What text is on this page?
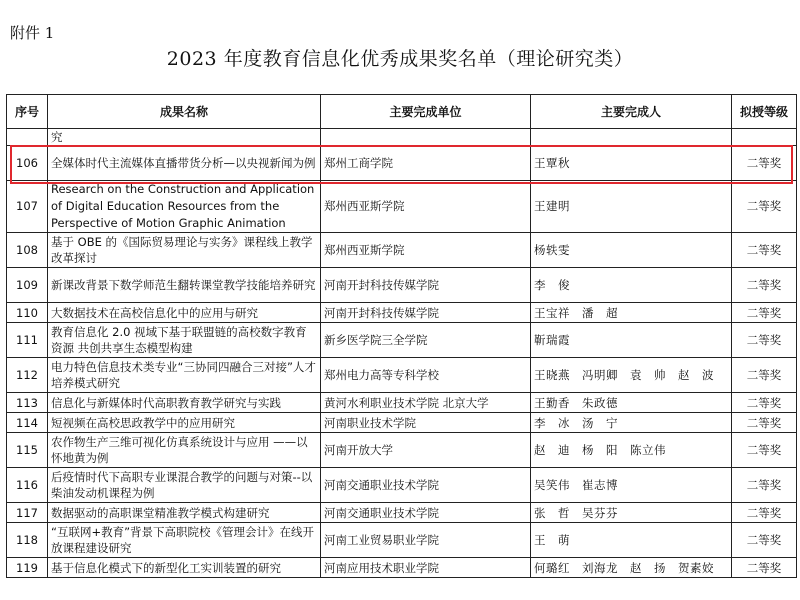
附件 1
2023 年度教育信息化优秀成果奖名单（理论研究类）
序号	成果名称	主要完成单位	主要完成人	拟授等级
	究			
106	全媒体时代主流媒体直播带货分析—以央视新闻为例	郑州工商学院	王覃秋	二等奖
107	Research on the Construction and Application of Digital Education Resources from the Perspective of Motion Graphic Animation	郑州西亚斯学院	王建明	二等奖
108	基于 OBE 的《国际贸易理论与实务》课程线上教学改革探讨	郑州西亚斯学院	杨轶雯	二等奖
109	新课改背景下数学师范生翻转课堂教学技能培养研究	河南开封科技传媒学院	李　俊	二等奖
110	大数据技术在高校信息化中的应用与研究	河南开封科技传媒学院	王宝祥　潘　超	二等奖
111	教育信息化 2.0 视域下基于联盟链的高校数字教育资源 共创共享生态模型构建	新乡医学院三全学院	靳瑞霞	二等奖
112	电力特色信息技术类专业“三协同四融合三对接”人才培养模式研究	郑州电力高等专科学校	王晓燕　冯明卿　袁　帅　赵　波	二等奖
113	信息化与新媒体时代高职教育教学研究与实践	黄河水利职业技术学院 北京大学	王勤香　朱政德	二等奖
114	短视频在高校思政教学中的应用研究	河南职业技术学院	李　冰　汤　宁	二等奖
115	农作物生产三维可视化仿真系统设计与应用 ——以怀地黄为例	河南开放大学	赵　迪　杨　阳　陈立伟	二等奖
116	后疫情时代下高职专业课混合教学的问题与对策--以柴油发动机课程为例	河南交通职业技术学院	吴笑伟　崔志博	二等奖
117	数据驱动的高职课堂精准教学模式构建研究	河南交通职业技术学院	张　哲　吴芬芬	二等奖
118	“互联网+教育”背景下高职院校《管理会计》在线开放课程建设研究	河南工业贸易职业学院	王　萌	二等奖
119	基于信息化模式下的新型化工实训装置的研究	河南应用技术职业学院	何璐红　刘海龙　赵　扬　贺素姣	二等奖
